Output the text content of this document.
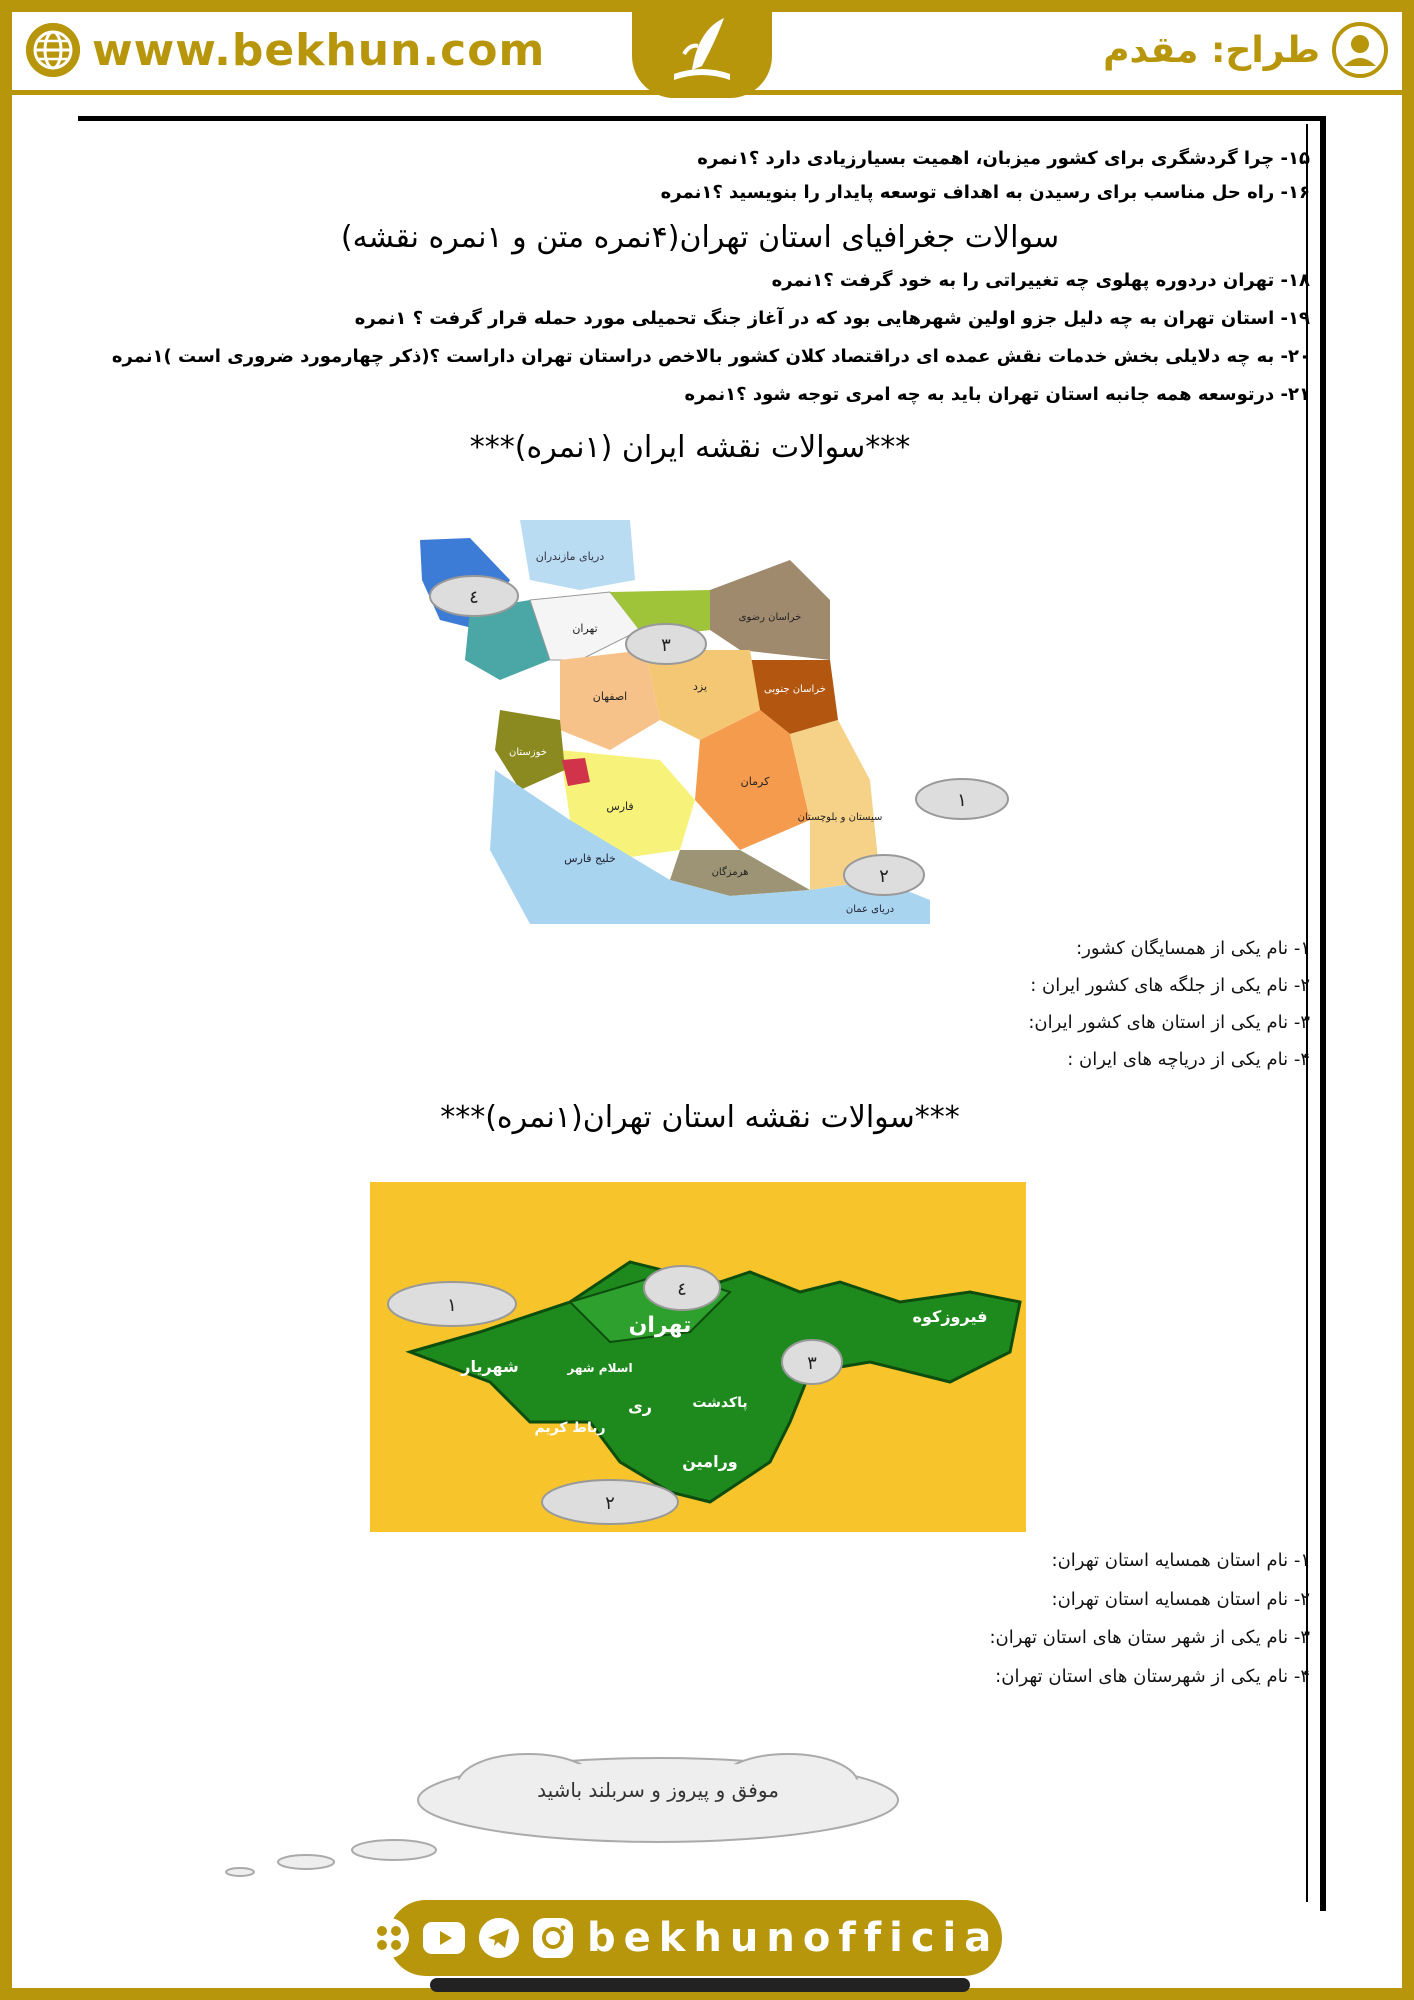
www.bekhun.com	طراح: مقدم
۱۵- چرا گردشگری برای کشور میزبان، اهمیت بسیارزیادی دارد ؟۱نمره
۱۶- راه حل مناسب برای رسیدن به اهداف توسعه پایدار را بنویسید ؟۱نمره
سوالات جغرافیای استان تهران(۴نمره متن و ۱نمره نقشه)
۱۸- تهران دردوره پهلوی چه تغییراتی را به خود گرفت ؟۱نمره
۱۹- استان تهران به چه دلیل جزو اولین شهرهایی بود که در آغاز جنگ تحمیلی مورد حمله قرار گرفت ؟ ۱نمره
۲۰- به چه دلایلی بخش خدمات نقش عمده ای دراقتصاد کلان کشور بالاخص دراستان تهران داراست ؟(ذکر چهارمورد ضروری است )۱نمره
۲۱- درتوسعه همه جانبه استان تهران باید به چه امری توجه شود ؟۱نمره
***سوالات نقشه ایران (۱نمره)***
دریای مازندران
تهران
خراسان رضوی
خراسان جنوبی
اصفهان
یزد
کرمان
سیستان و بلوچستان
فارس
خوزستان
هرمزگان
خلیج فارس
دریای عمان
٤
۳
۱
۲
۱- نام یکی از همسایگان کشور:
۲- نام یکی از جلگه های کشور ایران :
۳- نام یکی از استان های کشور ایران:
۴- نام یکی از دریاچه های ایران :
***سوالات نقشه استان تهران(۱نمره)***
تهران	فیروزکوه
شهریار	اسلام شهر
ری	پاکدشت
رباط کریم
ورامین
۱
٤
۳
۲
۱- نام استان همسایه استان تهران:
۲- نام استان همسایه استان تهران:
۳- نام یکی از شهر ستان های استان تهران:
۴- نام یکی از شهرستان های استان تهران:
موفق و پیروز و سربلند باشید
bekhunofficial
